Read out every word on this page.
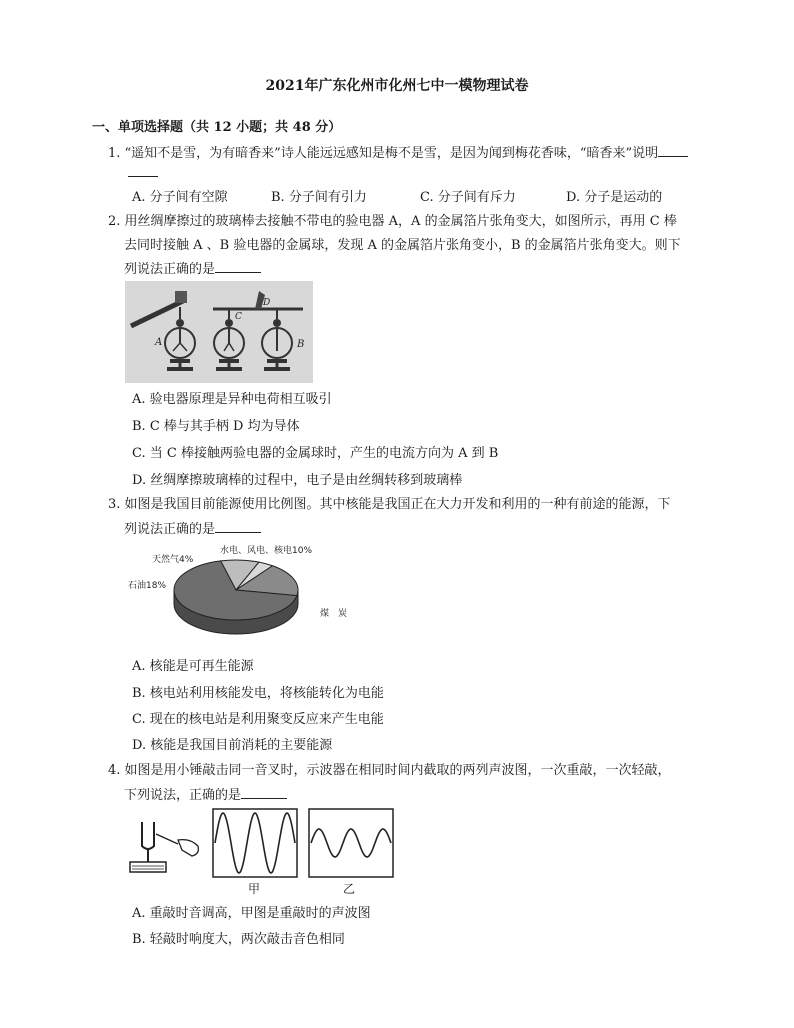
2021年广东化州市化州七中一模物理试卷
一、单项选择题（共 12 小题；共 48 分）
1. “遥知不是雪，为有暗香来”诗人能远远感知是梅不是雪，是因为闻到梅花香味，“暗香来”说明
A. 分子间有空隙	B. 分子间有引力	C. 分子间有斥力	D. 分子是运动的
2. 用丝绸摩擦过的玻璃棒去接触不带电的验电器 A，A 的金属箔片张角变大，如图所示，再用 C 棒
去同时接触 A 、B 验电器的金属球，发现 A 的金属箔片张角变小，B 的金属箔片张角变大。则下
列说法正确的是
A
D
C
B
A. 验电器原理是异种电荷相互吸引
B. C 棒与其手柄 D 均为导体
C. 当 C 棒接触两验电器的金属球时，产生的电流方向为 A 到 B
D. 丝绸摩擦玻璃棒的过程中，电子是由丝绸转移到玻璃棒
3. 如图是我国目前能源使用比例图。其中核能是我国正在大力开发和利用的一种有前途的能源，下
列说法正确的是
水电、风电、核电10%
天然气4%
石油18%
煤　炭
A. 核能是可再生能源
B. 核电站利用核能发电，将核能转化为电能
C. 现在的核电站是利用聚变反应来产生电能
D. 核能是我国目前消耗的主要能源
4. 如图是用小锤敲击同一音叉时，示波器在相同时间内截取的两列声波图，一次重敲，一次轻敲，
下列说法，正确的是
甲	乙
A. 重敲时音调高，甲图是重敲时的声波图
B. 轻敲时响度大，两次敲击音色相同
